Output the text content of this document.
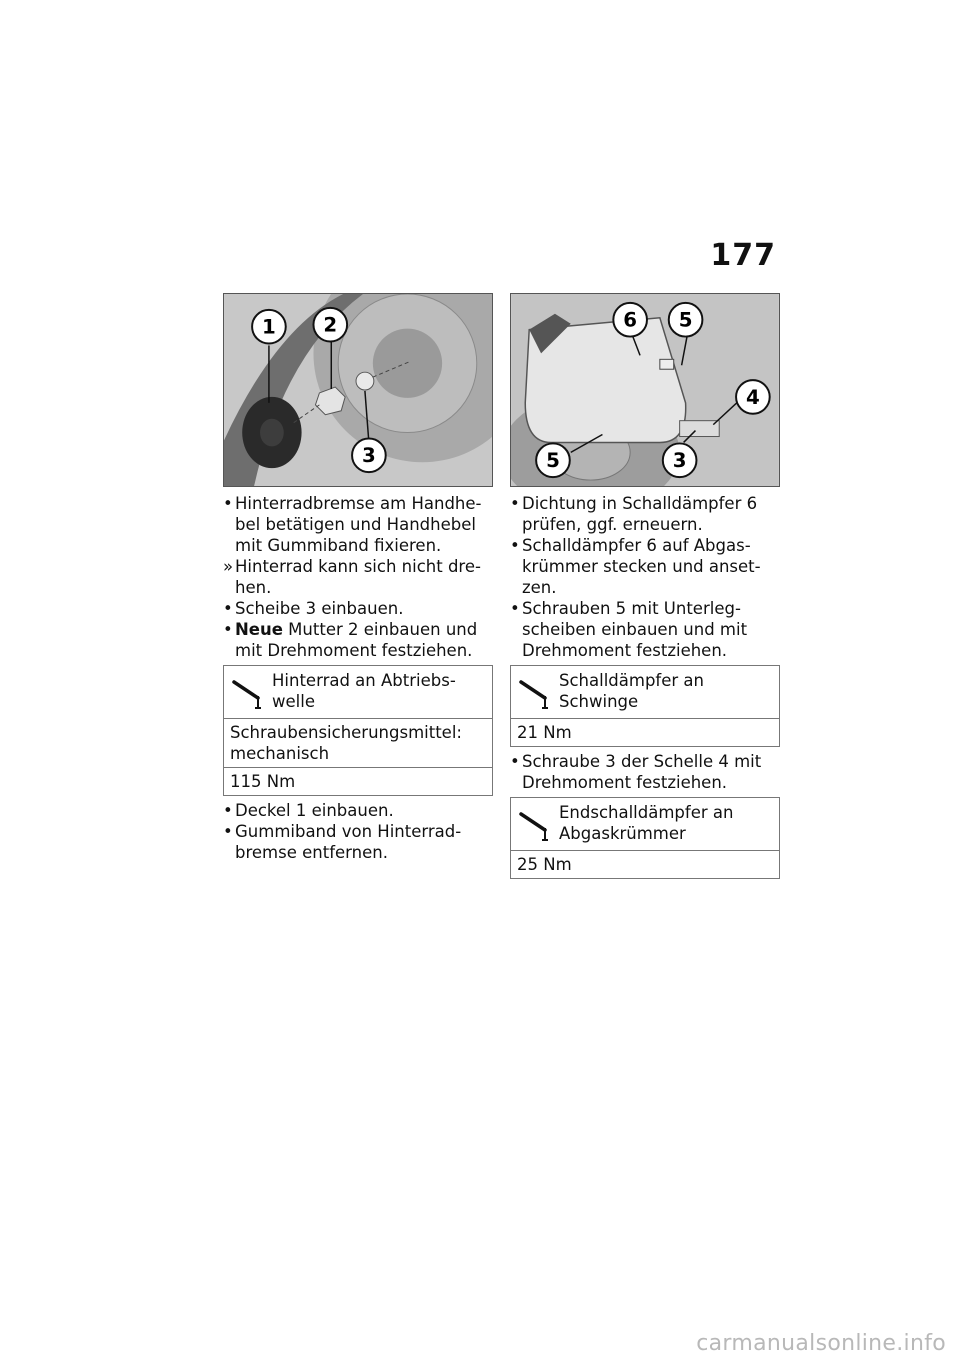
177
1 2
3
• Hinterradbremse am Handhebel betätigen und Handhebel mit Gummiband fixieren.
» Hinterrad kann sich nicht drehen.
• Scheibe 3 einbauen.
• Neue Mutter 2 einbauen und mit Drehmoment festziehen.
Hinterrad an Abtriebswelle
Schraubensicherungsmittel: mechanisch
115 Nm
• Deckel 1 einbauen.
• Gummiband von Hinterradbremse entfernen.
6 5
4
5	3
• Dichtung in Schalldämpfer 6 prüfen, ggf. erneuern.
• Schalldämpfer 6 auf Abgaskrümmer stecken und ansetzen.
• Schrauben 5 mit Unterlegscheiben einbauen und mit Drehmoment festziehen.
Schalldämpfer an Schwinge
21 Nm
• Schraube 3 der Schelle 4 mit Drehmoment festziehen.
Endschalldämpfer an Abgaskrümmer
25 Nm
carmanualsonline.info
